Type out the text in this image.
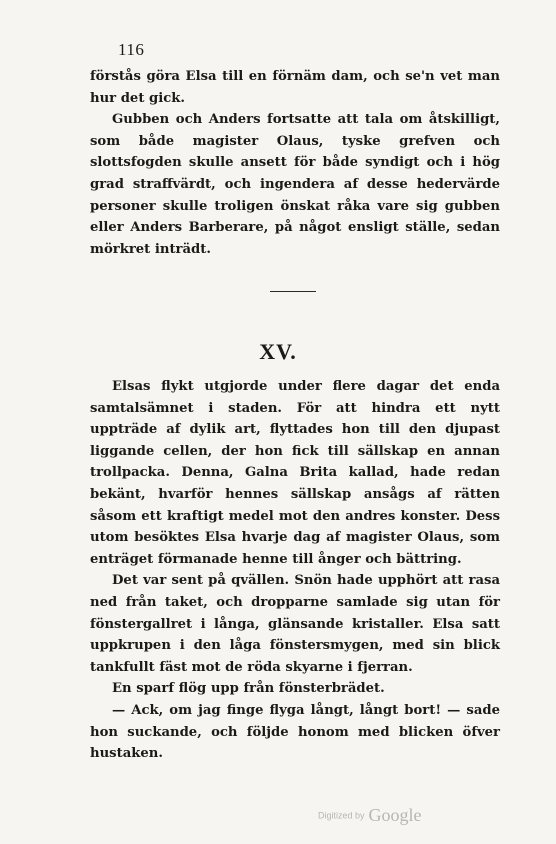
116

förstås göra Elsa till en förnäm dam, och se'n vet man hur det gick.

Gubben och Anders fortsatte att tala om åtskilligt, som både magister Olaus, tyske grefven och slottsfogden skulle ansett för både syndigt och i hög grad straffvärdt, och ingendera af desse hedervärde personer skulle troligen önskat råka vare sig gubben eller Anders Barberare, på något ensligt ställe, sedan mörkret inträdt.

XV.

Elsas flykt utgjorde under flere dagar det enda samtalsämnet i staden. För att hindra ett nytt uppträde af dylik art, flyttades hon till den djupast liggande cellen, der hon fick till sällskap en annan trollpacka. Denna, Galna Brita kallad, hade redan bekänt, hvarför hennes sällskap ansågs af rätten såsom ett kraftigt medel mot den andres konster. Dess utom besöktes Elsa hvarje dag af magister Olaus, som enträget förmanade henne till ånger och bättring.

Det var sent på qvällen. Snön hade upphört att rasa ned från taket, och dropparne samlade sig utan för fönstergallret i långa, glänsande kristaller. Elsa satt uppkrupen i den låga fönstersmygen, med sin blick tankfullt fäst mot de röda skyarne i fjerran.

En sparf flög upp från fönsterbrädet.

— Ack, om jag finge flyga långt, långt bort! — sade hon suckande, och följde honom med blicken öfver hustaken.

Digitized by Google
